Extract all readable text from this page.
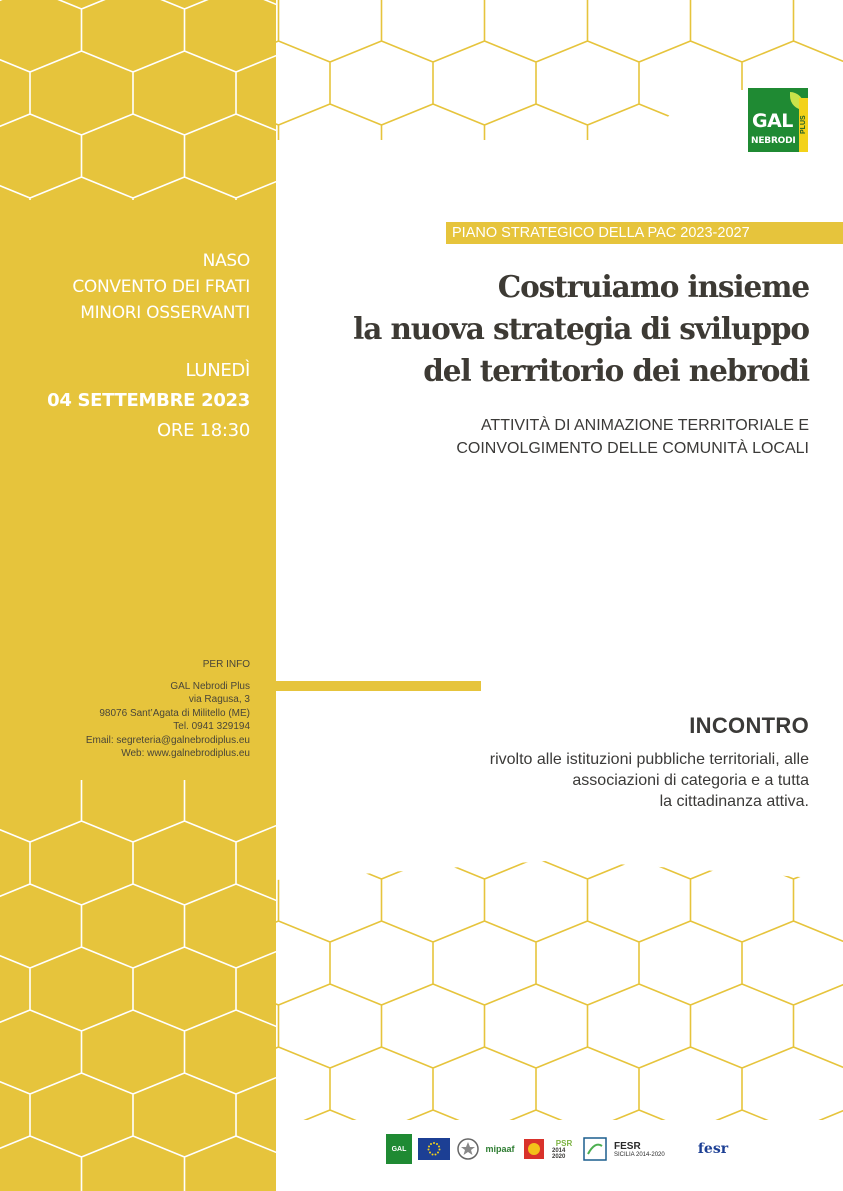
NASO
CONVENTO DEI FRATI
MINORI OSSERVANTI
LUNEDÌ
04 SETTEMBRE 2023
ORE 18:30
PER INFO
GAL Nebrodi Plus
via Ragusa, 3
98076 Sant’Agata di Militello (ME)
Tel. 0941 329194
Email: segreteria@galnebrodiplus.eu
Web: www.galnebrodiplus.eu
GAL
NEBRODI
PLUS
PIANO STRATEGICO DELLA PAC 2023-2027
Costruiamo insieme
la nuova strategia di sviluppo
del territorio dei nebrodi
ATTIVITÀ DI ANIMAZIONE TERRITORIALE E
COINVOLGIMENTO DELLE COMUNITÀ LOCALI
INCONTRO
rivolto alle istituzioni pubbliche territoriali, alle
associazioni di categoria e a tutta
la cittadinanza attiva.
GAL	mipaaf
PSR
2014 2020
FESR
SICILIA 2014-2020 fesr
